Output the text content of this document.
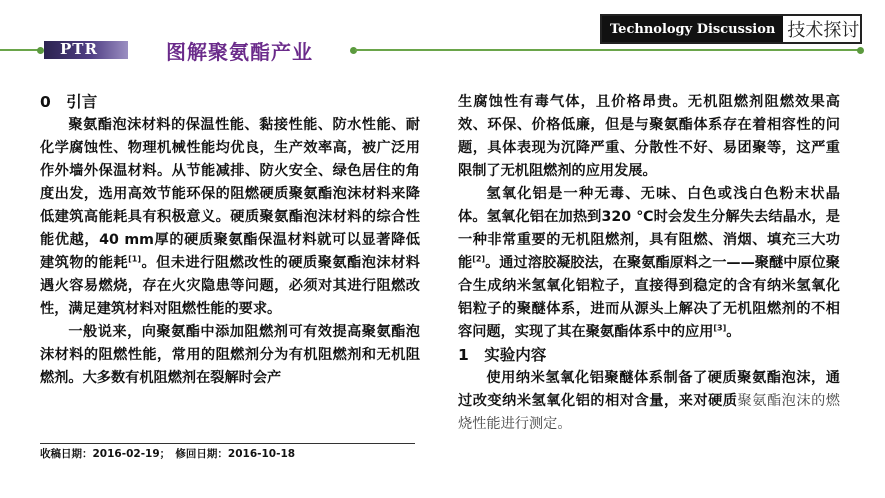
Technology Discussion 技术探讨
PTR	图解聚氨酯产业

0　引言

聚氨酯泡沫材料的保温性能、黏接性能、防水性能、耐化学腐蚀性、物理机械性能均优良，生产效率高，被广泛用作外墙外保温材料。从节能减排、防火安全、绿色居住的角度出发，选用高效节能环保的阻燃硬质聚氨酯泡沫材料来降低建筑高能耗具有积极意义。硬质聚氨酯泡沫材料的综合性能优越，40 mm厚的硬质聚氨酯保温材料就可以显著降低建筑物的能耗[1]。但未进行阻燃改性的硬质聚氨酯泡沫材料遇火容易燃烧，存在火灾隐患等问题，必须对其进行阻燃改性，满足建筑材料对阻燃性能的要求。

一般说来，向聚氨酯中添加阻燃剂可有效提高聚氨酯泡沫材料的阻燃性能，常用的阻燃剂分为有机阻燃剂和无机阻燃剂。大多数有机阻燃剂在裂解时会产

收稿日期：2016-02-19；　修回日期：2016-10-18

生腐蚀性有毒气体，且价格昂贵。无机阻燃剂阻燃效果高效、环保、价格低廉，但是与聚氨酯体系存在着相容性的问题，具体表现为沉降严重、分散性不好、易团聚等，这严重限制了无机阻燃剂的应用发展。

氢氧化铝是一种无毒、无味、白色或浅白色粉末状晶体。氢氧化铝在加热到320 ℃时会发生分解失去结晶水，是一种非常重要的无机阻燃剂，具有阻燃、消烟、填充三大功能[2]。通过溶胶凝胶法，在聚氨酯原料之一——聚醚中原位聚合生成纳米氢氧化铝粒子，直接得到稳定的含有纳米氢氧化铝粒子的聚醚体系，进而从源头上解决了无机阻燃剂的不相容问题，实现了其在聚氨酯体系中的应用[3]。

1　实验内容

使用纳米氢氧化铝聚醚体系制备了硬质聚氨酯泡沫，通过改变纳米氢氧化铝的相对含量，来对硬质聚氨酯泡沫的燃烧性能进行测定。
